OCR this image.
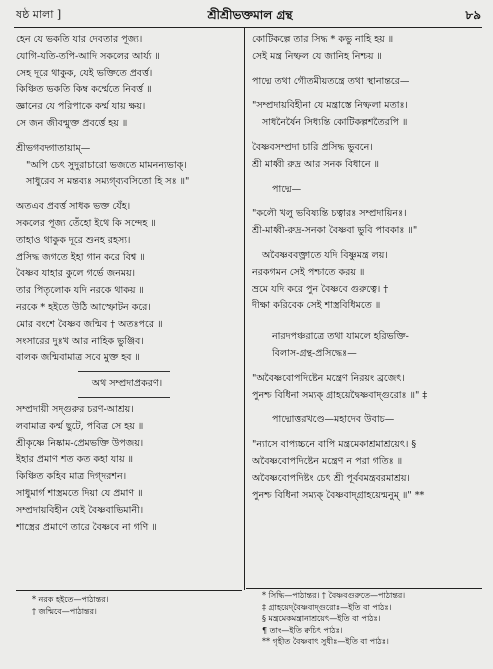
ষষ্ঠ মালা ]	শ্রীশ্রীভক্তমাল গ্রন্থ	৮৯
হেন যে ভকতি যার দেবতার পূজ্য।
যোগি-যতি-তপি-আদি সকলের আর্য্য ॥
সেহ দূরে থাকুক, যেই ভক্তিতে প্রবর্ত্ত।
কিঞ্চিত ভকতি কিম্ব কর্ম্মেতে নিবর্ত্ত ॥
জ্ঞানের যে পরিপাকে কর্ম্ম যায় ক্ষয়।
সে জন জীবন্মুক্ত প্রবর্ত্তে হয় ॥
শ্রীভগবদ্গাতায়াম্—
"অপি চেৎ সুদুরাচারো ভজতে মামনন্যভাক্।
সাধুরেব স মন্তব্যঃ সম্যগ্‌ব্যবসিতো হি সঃ ॥"
অতএব প্রবর্ত্ত সাধক ভক্ত যেঁহ।
সকলের পূজ্য তেঁহো ইথে কি সন্দেহ ॥
তাহাও থাকুক দূরে শুনহ রহস্য।
প্রসিদ্ধ জগতে ইহা গান করে বিশ্ব ॥
বৈষ্ণব যাহার কুলে গর্ভে জনময়।
তার পিতৃলোক যদি নরকে থাকয় ॥
নরকে * হইতে উঠি আস্ফোটন করে।
মোর বংশে বৈষ্ণব জন্মিব † অতঃপরে ॥
সংসারের দুঃখ আর নাহিক ভুঞ্জিব।
বালক জন্মিবামাত্র সবে মুক্ত হব ॥
অথ সম্প্রদাপ্রকরণ।
সম্প্রদায়ী সদ্গুরুর চরণ-আশ্রয়।
লবামাত্র কর্ম্ম ছুটে, পবিত্র সে হয় ॥
শ্রীকৃষ্ণে নিষ্কাম-প্রেমভক্তি উপজয়।
ইহার প্রমাণ শত কত কহা যায় ॥
কিঞ্চিত কহিব মাত্র দিগ্‌দরশন।
সাধুমার্গ শাস্ত্রমতে দিয়া যে প্রমাণ ॥
সম্প্রদায়বিহীন যেই বৈষ্ণবাভিমানী।
শাস্ত্রের প্রমাণে তারে বৈষ্ণবে না গণি ॥
কোটিকল্পে তার সিদ্ধ * কভু নাহি হয় ॥
সেই মন্ত্র নিষ্ফল যে জানিহ নিশ্চয় ॥
পাদ্মে তথা গৌতমীয়তন্ত্রে তথা স্থানান্তরে—
"সম্প্রদায়বিহীনা যে মন্ত্রাস্তে নিষ্ফলা মতাঃ।
সাধনৈর্ষৈন সিধ্যন্তি কোটিকল্পশতৈরপি ॥
বৈষ্ণবসম্প্রদা চারি প্রসিদ্ধ ভুবনে।
শ্রী মাধ্বী রুদ্র আর সনক বিধানে ॥
পাদ্মে—
"কলৌ খলু ভবিষ্যন্তি চত্বারঃ সম্প্রদায়িনঃ।
শ্রী-মাধ্বী-রুদ্র-সনকা বৈষ্ণবা ভুবি পাবকাঃ ॥"
অবৈষ্ণববক্ত্রাতে যদি বিষ্ণুমন্ত্র লয়।
নরকগমন সেই পশ্চাতে করয় ॥
ভ্রমে যদি করে পুন বৈষ্ণবে গুরুত্বে। †
দীক্ষা করিবেক সেই শাস্ত্রবিধিমতে ॥
নারদপঞ্চরাত্রে তথা যামলে হরিভক্তি-
বিলাস-গ্রন্থ-প্রসিদ্ধেঃ—
"অবৈষ্ণবোপদিষ্টেন মন্ত্রেণ নিরয়ং ব্রজেৎ।
পুনশ্চ বিধিনা সম্যক্ গ্রাহয়েদ্বৈষ্ণবাদ্‌গুরোঃ ॥" ‡
পাদ্মোত্তরখণ্ডে—মহাদেব উবাচ—
"ন্যাসে বাপ্যচ্চনে বাপি মন্ত্রমেকাশ্রমাশ্রয়েৎ। §
অবৈষ্ণবোপদিষ্টেন মন্ত্রেণ ন পরা গতিঃ ॥
অবৈষ্ণবোপদিষ্টং চেৎ শ্রী পূর্ববমন্ত্রবরমাশ্রয়।
পুনশ্চ বিধিনা সম্যক্ বৈষ্ণবাদ্‌গ্রাহয়েন্মনুম্ ॥" **
* নরক হইতে—পাঠান্তর।
† জন্মিবে—পাঠান্তর।
* সিদ্ধি—পাঠান্তর। † বৈষ্ণবগুরুতে—পাঠান্তর।
‡ গ্রাহয়েদ্‌বৈষ্ণবাদ্‌গুরোঃ—ইতি বা পাঠঃ।
§ মন্ত্রমেকমন্ত্রানাশ্রয়েৎ—ইতি বা পাঠঃ।
¶ তাং—ইতি ক্বচিৎ পাঠঃ।
** গৃহীত বৈষ্ণবাৎ সুধীঃ—ইতি বা পাঠঃ।
